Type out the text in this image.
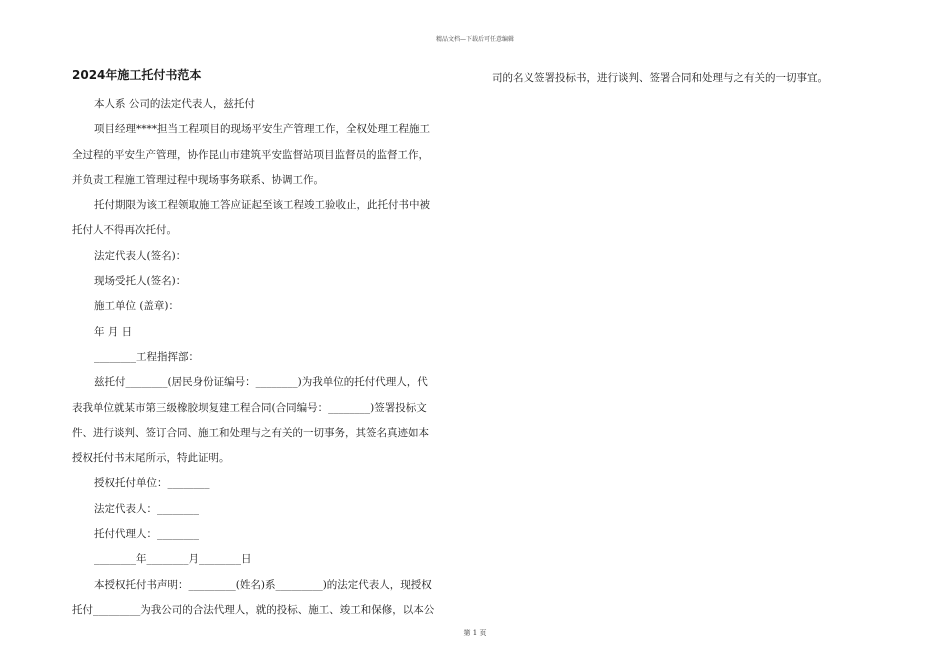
精品文档—下载后可任意编辑
2024年施工托付书范本
本人系 公司的法定代表人，兹托付
项目经理****担当工程项目的现场平安生产管理工作，全权处理工程施工
全过程的平安生产管理，协作昆山市建筑平安监督站项目监督员的监督工作，
并负责工程施工管理过程中现场事务联系、协调工作。
托付期限为该工程领取施工答应证起至该工程竣工验收止，此托付书中被
托付人不得再次托付。
法定代表人(签名)：
现场受托人(签名)：
施工单位 (盖章)：
年 月 日
________工程指挥部：
兹托付________(居民身份证编号：________)为我单位的托付代理人，代
表我单位就某市第三级橡胶坝复建工程合同(合同编号：________)签署投标文
件、进行谈判、签订合同、施工和处理与之有关的一切事务，其签名真迹如本
授权托付书末尾所示，特此证明。
授权托付单位：________
法定代表人：________
托付代理人：________
________年________月________日
本授权托付书声明：_________(姓名)系_________)的法定代表人，现授权
托付_________为我公司的合法代理人，就的投标、施工、竣工和保修，以本公
司的名义签署投标书，进行谈判、签署合同和处理与之有关的一切事宜。
第 1 页
